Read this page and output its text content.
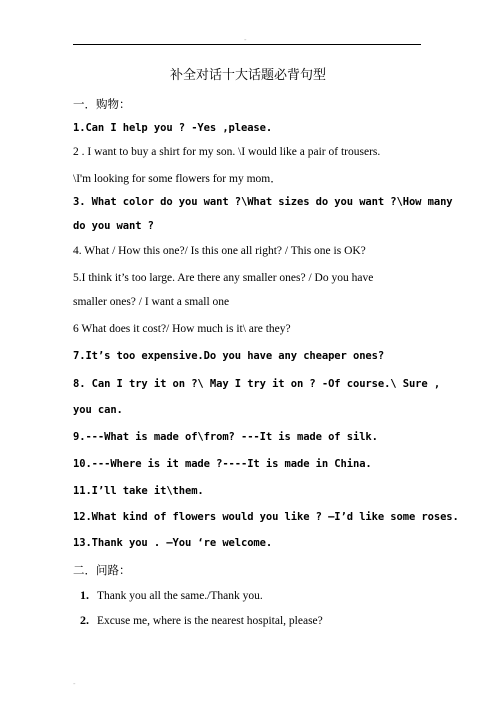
-
补全对话十大话题必背句型
一．购物：
1.Can I help you ? -Yes ,please.
2 . I want to buy a shirt for my son. \I would like a pair of trousers.
\I'm looking for some flowers for my mom．
3. What color do you want ?\What sizes do you want ?\How many
do you want ?
4. What / How this one?/ Is this one all right? / This one is OK?
5.I think it’s too large. Are there any smaller ones? / Do you have
smaller ones? / I want a small one
6 What does it cost?/ How much is it\ are they?
7.It’s too expensive.Do you have any cheaper ones?
8. Can I try it on ?\ May I try it on ? -Of course.\ Sure ,
you can.
9.---What is made of\from? ---It is made of silk.
10.---Where is it made ?----It is made in China.
11.I’ll take it\them.
12.What kind of flowers would you like ? –I’d like some roses.
13.Thank you . –You ‘re welcome.
二．问路：
1. Thank you all the same./Thank you.
2. Excuse me, where is the nearest hospital, please?
-
